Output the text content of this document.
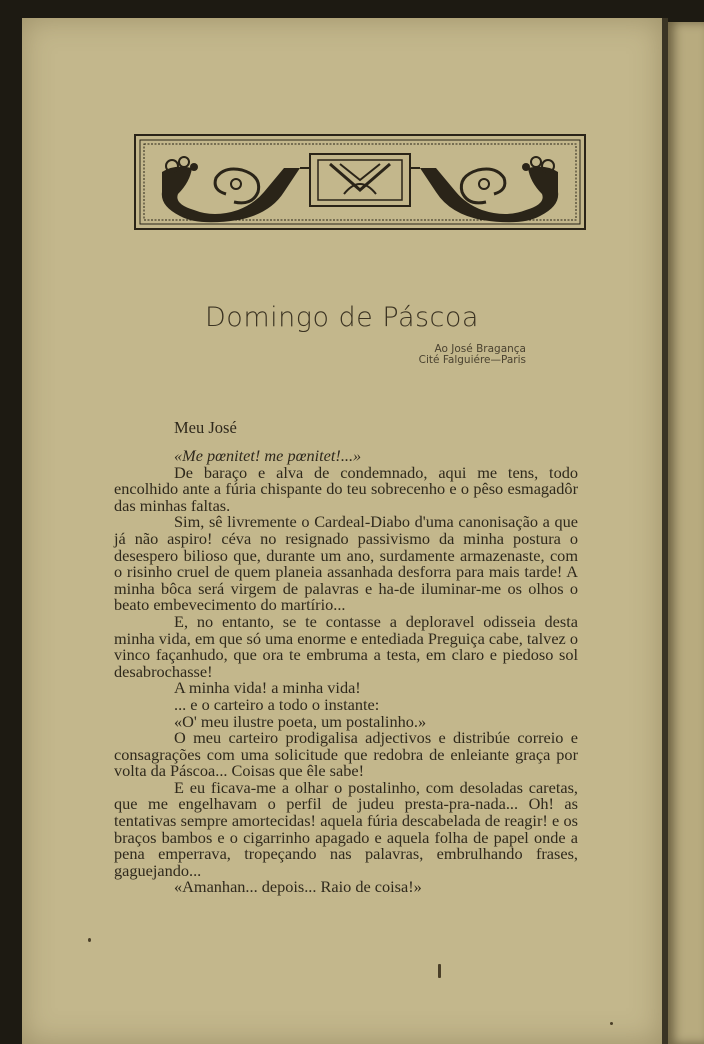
Domingo de Páscoa
Ao José Bragança
Cité Falguiére—Paris
Meu José

«Me pœnitet! me pœnitet!...»

De baraço e alva de condemnado, aqui me tens, todo encolhido ante a fúria chispante do teu sobrecenho e o pêso esmagadôr das minhas faltas.

Sim, sê livremente o Cardeal-Diabo d'uma canonisação a que já não aspiro! céva no resignado passivismo da minha postura o desespero bilioso que, durante um ano, surdamente armazenaste, com o risinho cruel de quem planeia assanhada desforra para mais tarde! A minha bôca será virgem de palavras e ha-de iluminar-me os olhos o beato embevecimento do martírio...

E, no entanto, se te contasse a deploravel odisseia desta minha vida, em que só uma enorme e entediada Preguiça cabe, talvez o vinco façanhudo, que ora te embruma a testa, em claro e piedoso sol desabrochasse!

A minha vida! a minha vida!

... e o carteiro a todo o instante:

«O' meu ilustre poeta, um postalinho.»

O meu carteiro prodigalisa adjectivos e distribúe correio e consagrações com uma solicitude que redobra de enleiante graça por volta da Páscoa... Coisas que êle sabe!

E eu ficava-me a olhar o postalinho, com desoladas caretas, que me engelhavam o perfil de judeu presta-pra-nada... Oh! as tentativas sempre amortecidas! aquela fúria descabelada de reagir! e os braços bambos e o cigarrinho apagado e aquela folha de papel onde a pena emperrava, tropeçando nas palavras, embrulhando frases, gaguejando...

«Amanhan... depois... Raio de coisa!»
